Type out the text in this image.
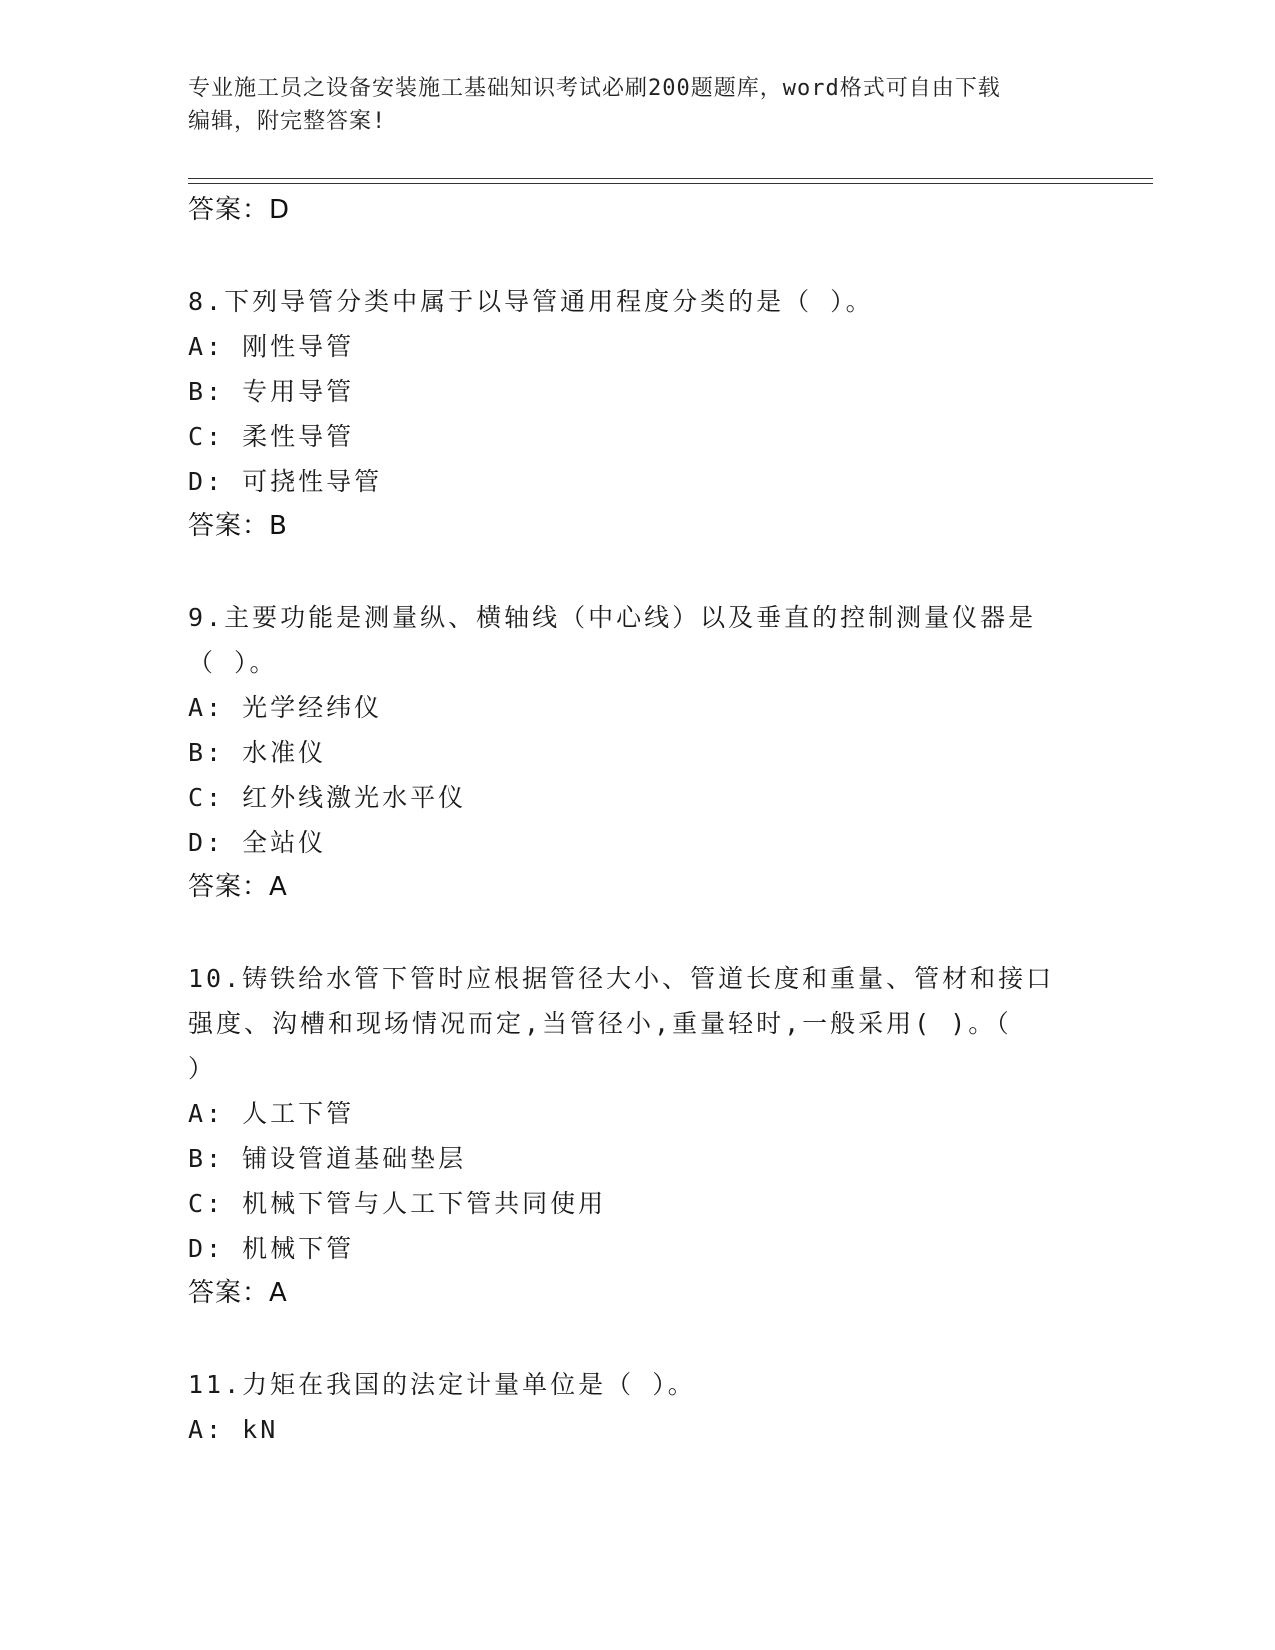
专业施工员之设备安装施工基础知识考试必刷200题题库，word格式可自由下载
编辑，附完整答案!
答案：D
8.下列导管分类中属于以导管通用程度分类的是（ ）。
A: 刚性导管
B: 专用导管
C: 柔性导管
D: 可挠性导管
答案：B
9.主要功能是测量纵、横轴线（中心线）以及垂直的控制测量仪器是
（ ）。
A: 光学经纬仪
B: 水准仪
C: 红外线激光水平仪
D: 全站仪
答案：A
10.铸铁给水管下管时应根据管径大小、管道长度和重量、管材和接口
强度、沟槽和现场情况而定,当管径小,重量轻时,一般采用( )。（
）
A: 人工下管
B: 铺设管道基础垫层
C: 机械下管与人工下管共同使用
D: 机械下管
答案：A
11.力矩在我国的法定计量单位是（ ）。
A: kN
